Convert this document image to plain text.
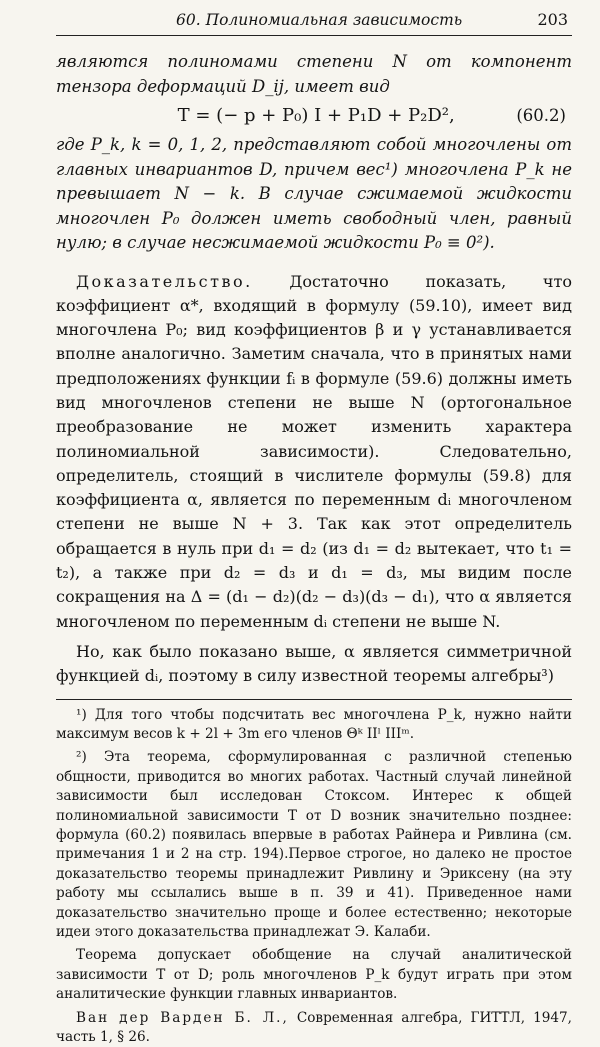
60. Полиномиальная зависимость	203

являются полиномами степени N от компонент тензора деформаций D_ij, имеет вид

T = (− p + P₀) I + P₁D + P₂D²,	(60.2)

где P_k, k = 0, 1, 2, представляют собой многочлены от главных инвариантов D, причем вес¹) многочлена P_k не превышает N − k. В случае сжимаемой жидкости многочлен P₀ должен иметь свободный член, равный нулю; в случае несжимаемой жидкости P₀ ≡ 0²).

Доказательство. Достаточно показать, что коэффициент α*, входящий в формулу (59.10), имеет вид многочлена P₀; вид коэффициентов β и γ устанавливается вполне аналогично. Заметим сначала, что в принятых нами предположениях функции fᵢ в формуле (59.6) должны иметь вид многочленов степени не выше N (ортогональное преобразование не может изменить характера полиномиальной зависимости). Следовательно, определитель, стоящий в числителе формулы (59.8) для коэффициента α, является по переменным dᵢ многочленом степени не выше N + 3. Так как этот определитель обращается в нуль при d₁ = d₂ (из d₁ = d₂ вытекает, что t₁ = t₂), а также при d₂ = d₃ и d₁ = d₃, мы видим после сокращения на Δ = (d₁ − d₂)(d₂ − d₃)(d₃ − d₁), что α является многочленом по переменным dᵢ степени не выше N.

Но, как было показано выше, α является симметричной функцией dᵢ, поэтому в силу известной теоремы алгебры³)

¹) Для того чтобы подсчитать вес многочлена P_k, нужно найти максимум весов k + 2l + 3m его членов Θᵏ IIˡ IIIᵐ.

²) Эта теорема, сформулированная с различной степенью общности, приводится во многих работах. Частный случай линейной зависимости был исследован Стоксом. Интерес к общей полиномиальной зависимости T от D возник значительно позднее: формула (60.2) появилась впервые в работах Райнера и Ривлина (см. примечания 1 и 2 на стр. 194).Первое строгое, но далеко не простое доказательство теоремы принадлежит Ривлину и Эриксену (на эту работу мы ссылались выше в п. 39 и 41). Приведенное нами доказательство значительно проще и более естественно; некоторые идеи этого доказательства принадлежат Э. Калаби.

Теорема допускает обобщение на случай аналитической зависимости T от D; роль многочленов P_k будут играть при этом аналитические функции главных инвариантов.

Ван дер Варден Б. Л., Современная алгебра, ГИТТЛ, 1947, часть 1, § 26.
